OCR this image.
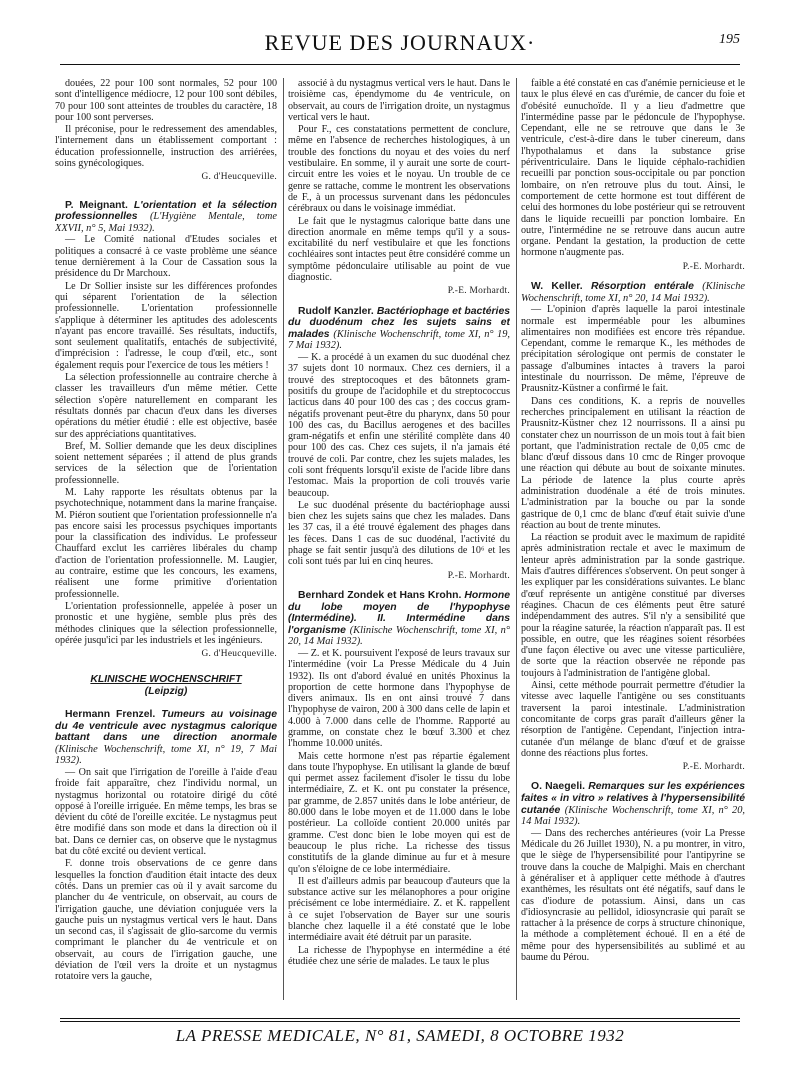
REVUE DES JOURNAUX·	195

douées, 22 pour 100 sont normales, 52 pour 100 sont d'intelligence médiocre, 12 pour 100 sont débiles, 70 pour 100 sont atteintes de troubles du caractère, 18 pour 100 sont perverses.

Il préconise, pour le redressement des amendables, l'internement dans un établissement comportant : éducation professionnelle, instruction des arriérées, soins gynécologiques.

G. d'Heucqueville.

P. Meignant. L'orientation et la sélection professionnelles (L'Hygiène Mentale, tome XXVII, n° 5, Mai 1932).

— Le Comité national d'Etudes sociales et politiques a consacré à ce vaste problème une séance tenue dernièrement à la Cour de Cassation sous la présidence du Dr Marchoux.

Le Dr Sollier insiste sur les différences profondes qui séparent l'orientation de la sélection professionnelle. L'orientation professionnelle s'applique à déterminer les aptitudes des adolescents n'ayant pas encore travaillé. Ses résultats, inductifs, sont seulement qualitatifs, entachés de subjectivité, d'imprécision : l'adresse, le coup d'œil, etc., sont également requis pour l'exercice de tous les métiers !

La sélection professionnelle au contraire cherche à classer les travailleurs d'un même métier. Cette sélection s'opère naturellement en comparant les résultats donnés par chacun d'eux dans les diverses opérations du métier étudié : elle est objective, basée sur des appréciations quantitatives.

Bref, M. Sollier demande que les deux disciplines soient nettement séparées ; il attend de plus grands services de la sélection que de l'orientation professionnelle.

M. Lahy rapporte les résultats obtenus par la psychotechnique, notamment dans la marine française. M. Piéron soutient que l'orientation professionnelle n'a pas encore saisi les processus psychiques importants pour la classification des individus. Le professeur Chauffard exclut les carrières libérales du champ d'action de l'orientation professionnelle. M. Laugier, au contraire, estime que les concours, les examens, réalisent une forme primitive d'orientation professionnelle.

L'orientation professionnelle, appelée à poser un pronostic et une hygiène, semble plus près des méthodes cliniques que la sélection professionnelle, opérée jusqu'ici par les industriels et les ingénieurs.

G. d'Heucqueville.

KLINISCHE WOCHENSCHRIFT

(Leipzig)

Hermann Frenzel. Tumeurs au voisinage du 4e ventricule avec nystagmus calorique battant dans une direction anormale (Klinische Wochenschrift, tome XI, n° 19, 7 Mai 1932).

— On sait que l'irrigation de l'oreille à l'aide d'eau froide fait apparaître, chez l'individu normal, un nystagmus horizontal ou rotatoire dirigé du côté opposé à l'oreille irriguée. En même temps, les bras se dévient du côté de l'oreille excitée. Le nystagmus peut être modifié dans son mode et dans la direction où il bat. Dans ce dernier cas, on observe que le nystagmus bat du côté excité ou devient vertical.

F. donne trois observations de ce genre dans lesquelles la fonction d'audition était intacte des deux côtés. Dans un premier cas où il y avait sarcome du plancher du 4e ventricule, on observait, au cours de l'irrigation gauche, une déviation conjuguée vers la gauche puis un nystagmus vertical vers le haut. Dans un second cas, il s'agissait de glio-sarcome du vermis comprimant le plancher du 4e ventricule et on observait, au cours de l'irrigation gauche, une déviation de l'œil vers la droite et un nystagmus rotatoire vers la gauche,

associé à du nystagmus vertical vers le haut. Dans le troisième cas, épendymome du 4e ventricule, on observait, au cours de l'irrigation droite, un nystagmus vertical vers le haut.

Pour F., ces constatations permettent de conclure, même en l'absence de recherches histologiques, à un trouble des fonctions du noyau et des voies du nerf vestibulaire. En somme, il y aurait une sorte de court-circuit entre les voies et le noyau. Un trouble de ce genre se rattache, comme le montrent les observations de F., à un processus survenant dans les pédoncules cérébraux ou dans le voisinage immédiat.

Le fait que le nystagmus calorique batte dans une direction anormale en même temps qu'il y a sous-excitabilité du nerf vestibulaire et que les fonctions cochléaires sont intactes peut être considéré comme un symptôme pédonculaire utilisable au point de vue diagnostic.

P.-E. Morhardt.

Rudolf Kanzler. Bactériophage et bactéries du duodénum chez les sujets sains et malades (Klinische Wochenschrift, tome XI, n° 19, 7 Mai 1932).

— K. a procédé à un examen du suc duodénal chez 37 sujets dont 10 normaux. Chez ces derniers, il a trouvé des streptocoques et des bâtonnets gram-positifs du groupe de l'acidophile et du streptococcus lacticus dans 40 pour 100 des cas ; des coccus gram-négatifs provenant peut-être du pharynx, dans 50 pour 100 des cas, du Bacillus aerogenes et des bacilles gram-négatifs et enfin une stérilité complète dans 40 pour 100 des cas. Chez ces sujets, il n'a jamais été trouvé de coli. Par contre, chez les sujets malades, les coli sont fréquents lorsqu'il existe de l'acide libre dans l'estomac. Mais la proportion de coli trouvés varie beaucoup.

Le suc duodénal présente du bactériophage aussi bien chez les sujets sains que chez les malades. Dans les 37 cas, il a été trouvé également des phages dans les fèces. Dans 1 cas de suc duodénal, l'activité du phage se fait sentir jusqu'à des dilutions de 10⁶ et les coli sont tués par lui en cinq heures.

P.-E. Morhardt.

Bernhard Zondek et Hans Krohn. Hormone du lobe moyen de l'hypophyse (Intermédine). II. Intermédine dans l'organisme (Klinische Wochenschrift, tome XI, n° 20, 14 Mai 1932).

— Z. et K. poursuivent l'exposé de leurs travaux sur l'intermédine (voir La Presse Médicale du 4 Juin 1932). Ils ont d'abord évalué en unités Phoxinus la proportion de cette hormone dans l'hypophyse de divers animaux. Ils en ont ainsi trouvé 7 dans l'hypophyse de vairon, 200 à 300 dans celle de lapin et 4.000 à 7.000 dans celle de l'homme. Rapporté au gramme, on constate chez le bœuf 3.300 et chez l'homme 10.000 unités.

Mais cette hormone n'est pas répartie également dans toute l'hypophyse. En utilisant la glande de bœuf qui permet assez facilement d'isoler le tissu du lobe intermédiaire, Z. et K. ont pu constater la présence, par gramme, de 2.857 unités dans le lobe antérieur, de 80.000 dans le lobe moyen et de 11.000 dans le lobe postérieur. La colloïde contient 20.000 unités par gramme. C'est donc bien le lobe moyen qui est de beaucoup le plus riche. La richesse des tissus constitutifs de la glande diminue au fur et à mesure qu'on s'éloigne de ce lobe intermédiaire.

Il est d'ailleurs admis par beaucoup d'auteurs que la substance active sur les mélanophores a pour origine précisément ce lobe intermédiaire. Z. et K. rappellent à ce sujet l'observation de Bayer sur une souris blanche chez laquelle il a été constaté que le lobe intermédiaire avait été détruit par un parasite.

La richesse de l'hypophyse en intermédine a été étudiée chez une série de malades. Le taux le plus

faible a été constaté en cas d'anémie pernicieuse et le taux le plus élevé en cas d'urémie, de cancer du foie et d'obésité eunuchoïde. Il y a lieu d'admettre que l'intermédine passe par le pédoncule de l'hypophyse. Cependant, elle ne se retrouve que dans le 3e ventricule, c'est-à-dire dans le tuber cinereum, dans l'hypothalamus et dans la substance grise périventriculaire. Dans le liquide céphalo-rachidien recueilli par ponction sous-occipitale ou par ponction lombaire, on n'en retrouve plus du tout. Ainsi, le comportement de cette hormone est tout différent de celui des hormones du lobe postérieur qui se retrouvent dans le liquide recueilli par ponction lombaire. En outre, l'intermédine ne se retrouve dans aucun autre organe. Pendant la gestation, la production de cette hormone n'augmente pas.

P.-E. Morhardt.

W. Keller. Résorption entérale (Klinische Wochenschrift, tome XI, n° 20, 14 Mai 1932).

— L'opinion d'après laquelle la paroi intestinale normale est imperméable pour les albumines alimentaires non modifiées est encore très répandue. Cependant, comme le remarque K., les méthodes de précipitation sérologique ont permis de constater le passage d'albumines intactes à travers la paroi intestinale du nourrisson. De même, l'épreuve de Prausnitz-Küstner a confirmé le fait.

Dans ces conditions, K. a repris de nouvelles recherches principalement en utilisant la réaction de Prausnitz-Küstner chez 12 nourrissons. Il a ainsi pu constater chez un nourrisson de un mois tout à fait bien portant, que l'administration rectale de 0,05 cmc de blanc d'œuf dissous dans 10 cmc de Ringer provoque une réaction qui débute au bout de soixante minutes. La période de latence la plus courte après administration duodénale a été de trois minutes. L'administration par la bouche ou par la sonde gastrique de 0,1 cmc de blanc d'œuf était suivie d'une réaction au bout de trente minutes.

La réaction se produit avec le maximum de rapidité après administration rectale et avec le maximum de lenteur après administration par la sonde gastrique. Mais d'autres différences s'observent. On peut songer à les expliquer par les considérations suivantes. Le blanc d'œuf représente un antigène constitué par diverses réagines. Chacun de ces éléments peut être saturé indépendamment des autres. S'il n'y a sensibilité que pour la réagine saturée, la réaction n'apparaît pas. Il est possible, en outre, que les réagines soient résorbées d'une façon élective ou avec une vitesse particulière, de sorte que la réaction observée ne réponde pas toujours à l'administration de l'antigène global.

Ainsi, cette méthode pourrait permettre d'étudier la vitesse avec laquelle l'antigène ou ses constituants traversent la paroi intestinale. L'administration concomitante de corps gras paraît d'ailleurs gêner la résorption de l'antigène. Cependant, l'injection intra-cutanée d'un mélange de blanc d'œuf et de graisse donne des réactions plus fortes.

P.-E. Morhardt.

O. Naegeli. Remarques sur les expériences faites « in vitro » relatives à l'hypersensibilité cutanée (Klinische Wochenschrift, tome XI, n° 20, 14 Mai 1932).

— Dans des recherches antérieures (voir La Presse Médicale du 26 Juillet 1930), N. a pu montrer, in vitro, que le siège de l'hypersensibilité pour l'antipyrine se trouve dans la couche de Malpighi. Mais en cherchant à généraliser et à appliquer cette méthode à d'autres exanthèmes, les résultats ont été négatifs, sauf dans le cas d'iodure de potassium. Ainsi, dans un cas d'idiosyncrasie au pellidol, idiosyncrasie qui paraît se rattacher à la présence de corps à structure chinonique, la méthode a complètement échoué. Il en a été de même pour des hypersensibilités au sublimé et au baume du Pérou.

LA PRESSE MEDICALE, N° 81, SAMEDI, 8 OCTOBRE 1932
